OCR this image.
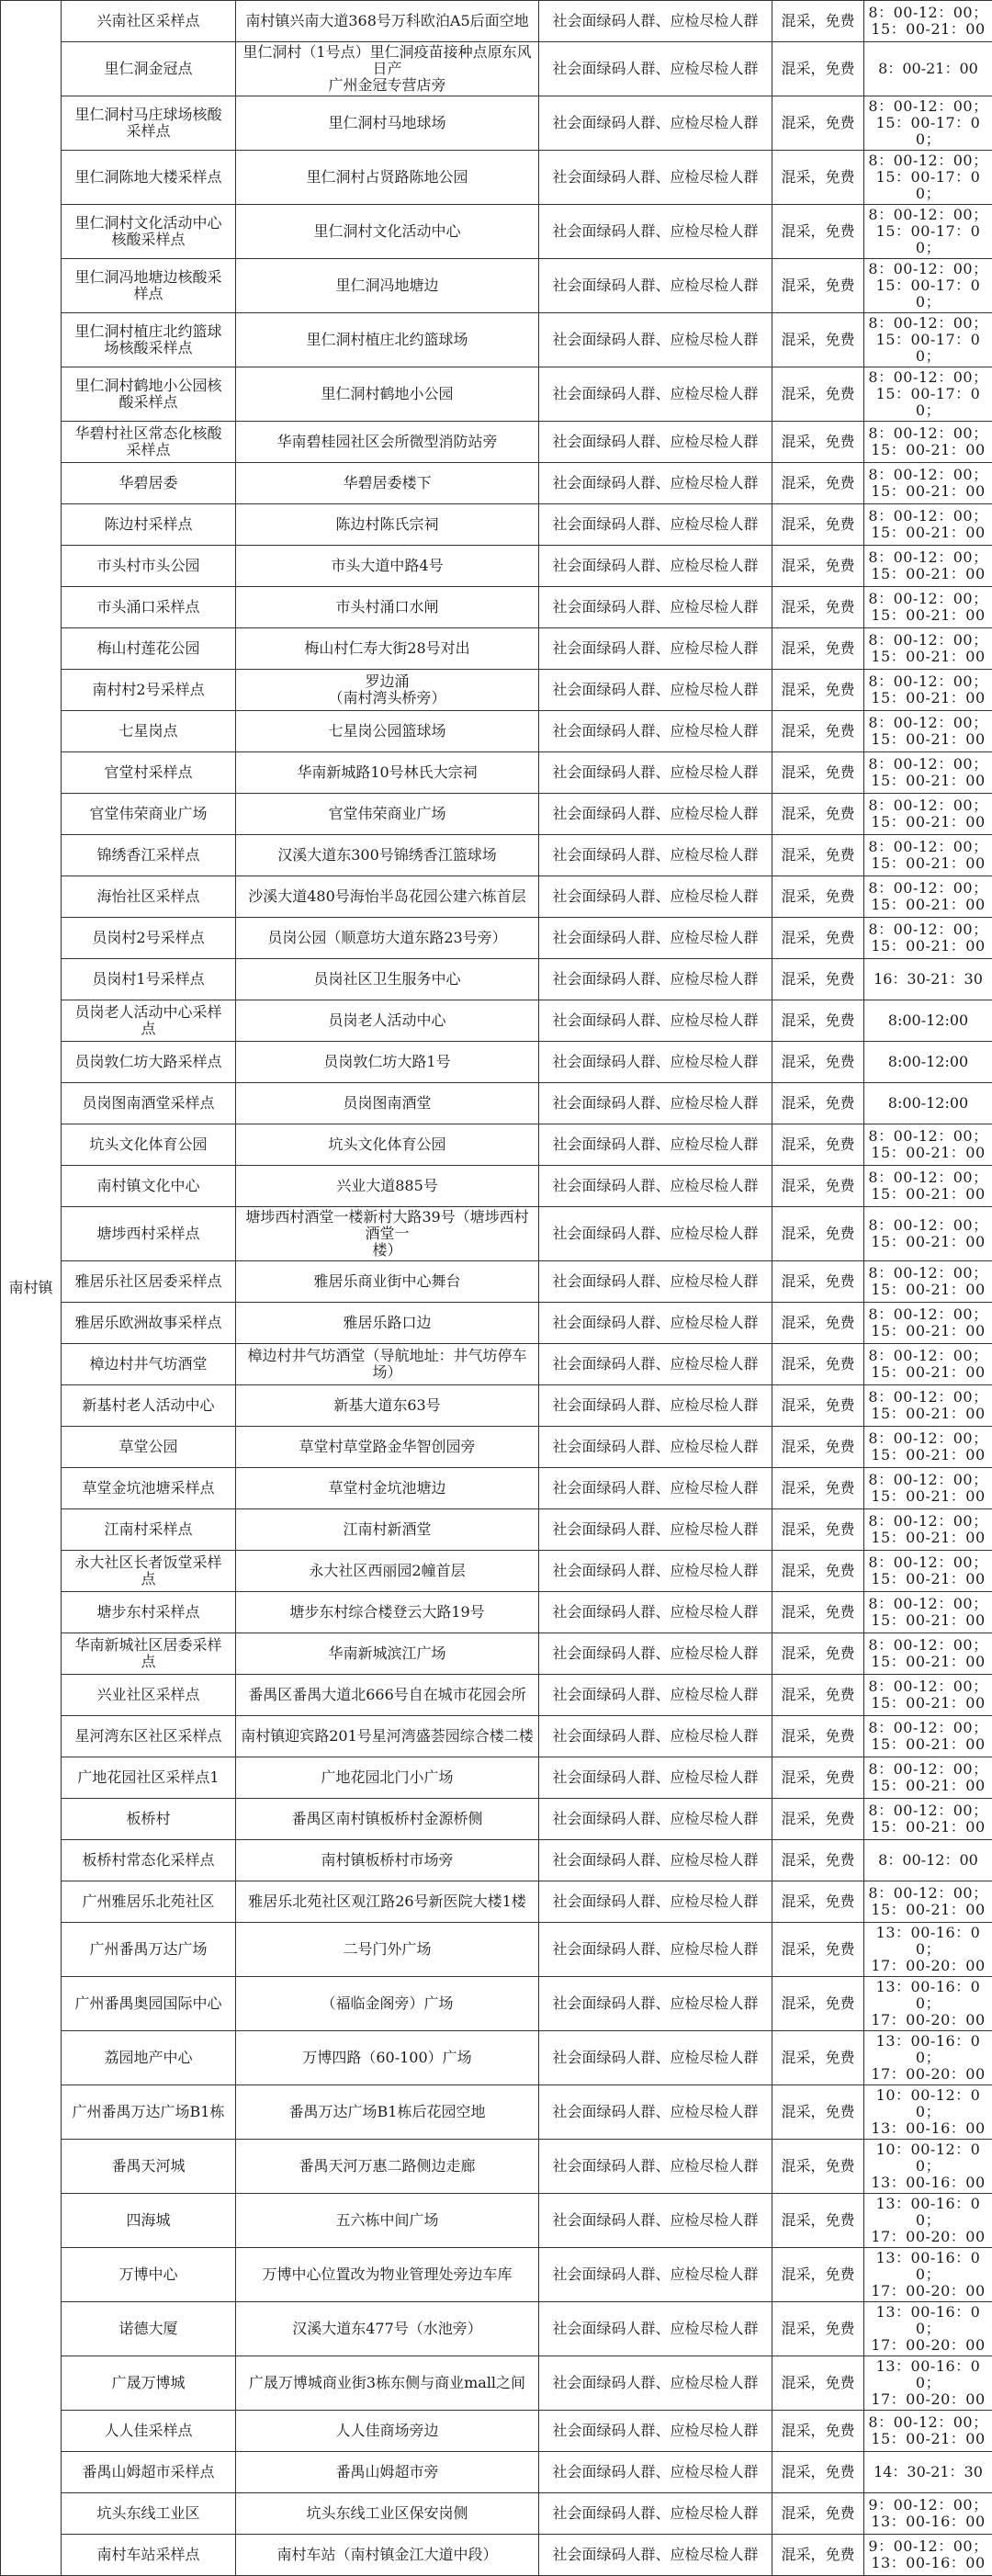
南村镇	兴南社区采样点	南村镇兴南大道368号万科欧泊A5后面空地	社会面绿码人群、应检尽检人群	混采，免费	8：00-12：00；
15：00-21：00
	里仁洞金冠点	里仁洞村（1号点）里仁洞疫苗接种点原东风日产
广州金冠专营店旁	社会面绿码人群、应检尽检人群	混采，免费	8：00-21：00
	里仁洞村马庄球场核酸
采样点	里仁洞村马地球场	社会面绿码人群、应检尽检人群	混采，免费	8：00-12：00；
15：00-17：00；
	里仁洞陈地大楼采样点	里仁洞村占贤路陈地公园	社会面绿码人群、应检尽检人群	混采，免费	8：00-12：00；
15：00-17：00；
	里仁洞村文化活动中心
核酸采样点	里仁洞村文化活动中心	社会面绿码人群、应检尽检人群	混采，免费	8：00-12：00；
15：00-17：00；
	里仁洞冯地塘边核酸采
样点	里仁洞冯地塘边	社会面绿码人群、应检尽检人群	混采，免费	8：00-12：00；
15：00-17：00；
	里仁洞村植庄北约篮球
场核酸采样点	里仁洞村植庄北约篮球场	社会面绿码人群、应检尽检人群	混采，免费	8：00-12：00；
15：00-17：00；
	里仁洞村鹤地小公园核
酸采样点	里仁洞村鹤地小公园	社会面绿码人群、应检尽检人群	混采，免费	8：00-12：00；
15：00-17：00；
	华碧村社区常态化核酸
采样点	华南碧桂园社区会所微型消防站旁	社会面绿码人群、应检尽检人群	混采，免费	8：00-12：00；
15：00-21：00
	华碧居委	华碧居委楼下	社会面绿码人群、应检尽检人群	混采，免费	8：00-12：00；
15：00-21：00
	陈边村采样点	陈边村陈氏宗祠	社会面绿码人群、应检尽检人群	混采，免费	8：00-12：00；
15：00-21：00
	市头村市头公园	市头大道中路4号	社会面绿码人群、应检尽检人群	混采，免费	8：00-12：00；
15：00-21：00
	市头涌口采样点	市头村涌口水闸	社会面绿码人群、应检尽检人群	混采，免费	8：00-12：00；
15：00-21：00
	梅山村莲花公园	梅山村仁寿大街28号对出	社会面绿码人群、应检尽检人群	混采，免费	8：00-12：00；
15：00-21：00
	南村村2号采样点	罗边涌
（南村湾头桥旁）	社会面绿码人群、应检尽检人群	混采，免费	8：00-12：00；
15：00-21：00
	七星岗点	七星岗公园篮球场	社会面绿码人群、应检尽检人群	混采，免费	8：00-12：00；
15：00-21：00
	官堂村采样点	华南新城路10号林氏大宗祠	社会面绿码人群、应检尽检人群	混采，免费	8：00-12：00；
15：00-21：00
	官堂伟荣商业广场	官堂伟荣商业广场	社会面绿码人群、应检尽检人群	混采，免费	8：00-12：00；
15：00-21：00
	锦绣香江采样点	汉溪大道东300号锦绣香江篮球场	社会面绿码人群、应检尽检人群	混采，免费	8：00-12：00；
15：00-21：00
	海怡社区采样点	沙溪大道480号海怡半岛花园公建六栋首层	社会面绿码人群、应检尽检人群	混采，免费	8：00-12：00；
15：00-21：00
	员岗村2号采样点	员岗公园（顺意坊大道东路23号旁）	社会面绿码人群、应检尽检人群	混采，免费	8：00-12：00；
15：00-21：00
	员岗村1号采样点	员岗社区卫生服务中心	社会面绿码人群、应检尽检人群	混采，免费	16：30-21：30
	员岗老人活动中心采样
点	员岗老人活动中心	社会面绿码人群、应检尽检人群	混采，免费	8:00-12:00
	员岗敦仁坊大路采样点	员岗敦仁坊大路1号	社会面绿码人群、应检尽检人群	混采，免费	8:00-12:00
	员岗图南酒堂采样点	员岗图南酒堂	社会面绿码人群、应检尽检人群	混采，免费	8:00-12:00
	坑头文化体育公园	坑头文化体育公园	社会面绿码人群、应检尽检人群	混采，免费	8：00-12：00；
15：00-21：00
	南村镇文化中心	兴业大道885号	社会面绿码人群、应检尽检人群	混采，免费	8：00-12：00；
15：00-21：00
	塘埗西村采样点	塘埗西村酒堂一楼新村大路39号（塘埗西村酒堂一
楼）	社会面绿码人群、应检尽检人群	混采，免费	8：00-12：00；
15：00-21：00
	雅居乐社区居委采样点	雅居乐商业街中心舞台	社会面绿码人群、应检尽检人群	混采，免费	8：00-12：00；
15：00-21：00
	雅居乐欧洲故事采样点	雅居乐路口边	社会面绿码人群、应检尽检人群	混采，免费	8：00-12：00；
15：00-21：00
	樟边村井气坊酒堂	樟边村井气坊酒堂（导航地址：井气坊停车场）	社会面绿码人群、应检尽检人群	混采，免费	8：00-12：00；
15：00-21：00
	新基村老人活动中心	新基大道东63号	社会面绿码人群、应检尽检人群	混采，免费	8：00-12：00；
15：00-21：00
	草堂公园	草堂村草堂路金华智创园旁	社会面绿码人群、应检尽检人群	混采，免费	8：00-12：00；
15：00-21：00
	草堂金坑池塘采样点	草堂村金坑池塘边	社会面绿码人群、应检尽检人群	混采，免费	8：00-12：00；
15：00-21：00
	江南村采样点	江南村新酒堂	社会面绿码人群、应检尽检人群	混采，免费	8：00-12：00；
15：00-21：00
	永大社区长者饭堂采样
点	永大社区西丽园2幢首层	社会面绿码人群、应检尽检人群	混采，免费	8：00-12：00；
15：00-21：00
	塘步东村采样点	塘步东村综合楼登云大路19号	社会面绿码人群、应检尽检人群	混采，免费	8：00-12：00；
15：00-21：00
	华南新城社区居委采样
点	华南新城滨江广场	社会面绿码人群、应检尽检人群	混采，免费	8：00-12：00；
15：00-21：00
	兴业社区采样点	番禺区番禺大道北666号自在城市花园会所	社会面绿码人群、应检尽检人群	混采，免费	8：00-12：00；
15：00-21：00
	星河湾东区社区采样点	南村镇迎宾路201号星河湾盛荟园综合楼二楼	社会面绿码人群、应检尽检人群	混采，免费	8：00-12：00；
15：00-21：00
	广地花园社区采样点1	广地花园北门小广场	社会面绿码人群、应检尽检人群	混采，免费	8：00-12：00；
15：00-21：00
	板桥村	番禺区南村镇板桥村金源桥侧	社会面绿码人群、应检尽检人群	混采，免费	8：00-12：00；
15：00-21：00
	板桥村常态化采样点	南村镇板桥村市场旁	社会面绿码人群、应检尽检人群	混采，免费	8：00-12：00
	广州雅居乐北苑社区	雅居乐北苑社区观江路26号新医院大楼1楼	社会面绿码人群、应检尽检人群	混采，免费	8：00-12：00；
15：00-21：00
	广州番禺万达广场	二号门外广场	社会面绿码人群、应检尽检人群	混采，免费	13：00-16：00；
17：00-20：00
	广州番禺奥园国际中心	（福临金阁旁）广场	社会面绿码人群、应检尽检人群	混采，免费	13：00-16：00；
17：00-20：00
	荔园地产中心	万博四路（60-100）广场	社会面绿码人群、应检尽检人群	混采，免费	13：00-16：00；
17：00-20：00
	广州番禺万达广场B1栋	番禺万达广场B1栋后花园空地	社会面绿码人群、应检尽检人群	混采，免费	10：00-12：00；
13：00-16：00
	番禺天河城	番禺天河万惠二路侧边走廊	社会面绿码人群、应检尽检人群	混采，免费	10：00-12：00；
13：00-16：00
	四海城	五六栋中间广场	社会面绿码人群、应检尽检人群	混采，免费	13：00-16：00；
17：00-20：00
	万博中心	万博中心位置改为物业管理处旁边车库	社会面绿码人群、应检尽检人群	混采，免费	13：00-16：00；
17：00-20：00
	诺德大厦	汉溪大道东477号（水池旁）	社会面绿码人群、应检尽检人群	混采，免费	13：00-16：00；
17：00-20：00
	广晟万博城	广晟万博城商业街3栋东侧与商业mall之间	社会面绿码人群、应检尽检人群	混采，免费	13：00-16：00；
17：00-20：00
	人人佳采样点	人人佳商场旁边	社会面绿码人群、应检尽检人群	混采，免费	8：00-12：00；
15：00-21：00
	番禺山姆超市采样点	番禺山姆超市旁	社会面绿码人群、应检尽检人群	混采，免费	14：30-21：30
	坑头东线工业区	坑头东线工业区保安岗侧	社会面绿码人群、应检尽检人群	混采，免费	9：00-12：00；
13：00-16：00
	南村车站采样点	南村车站（南村镇金江大道中段）	社会面绿码人群、应检尽检人群	混采，免费	9：00-12：00；
13：00-16：00
